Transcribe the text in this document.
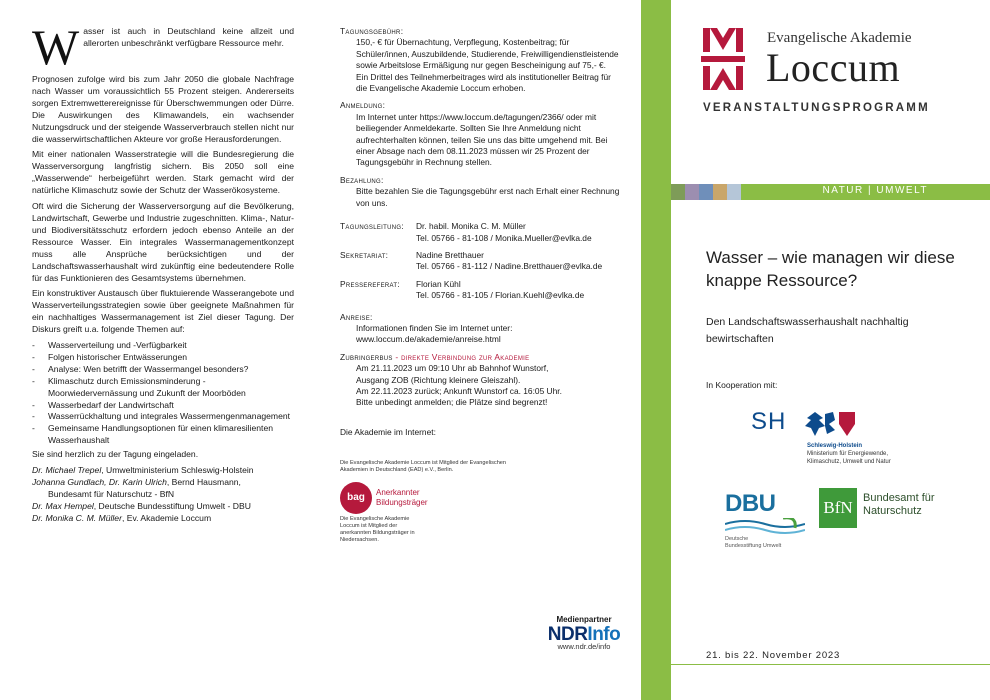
Wasser ist auch in Deutschland keine allzeit und allerorten unbeschränkt verfügbare Ressource mehr.

Prognosen zufolge wird bis zum Jahr 2050 die globale Nachfrage nach Wasser um voraussichtlich 55 Prozent steigen. Andererseits sorgen Extremwetterereignisse für Überschwemmungen oder Dürre. Die Auswirkungen des Klimawandels, ein wachsender Nutzungsdruck und der steigende Wasserverbrauch stellen nicht nur die wasserwirtschaftlichen Akteure vor große Herausforderungen.

Mit einer nationalen Wasserstrategie will die Bundesregierung die Wasserversorgung langfristig sichern. Bis 2050 soll eine „Wasserwende“ herbeigeführt werden. Stark gemacht wird der natürliche Klimaschutz sowie der Schutz der Wasserökosysteme.

Oft wird die Sicherung der Wasserversorgung auf die Bevölkerung, Landwirtschaft, Gewerbe und Industrie zugeschnitten. Klima-, Natur- und Biodiversitätsschutz erfordern jedoch ebenso Anteile an der Ressource Wasser. Ein integrales Wassermanagementkonzept muss alle Ansprüche berücksichtigen und der Landschaftswasserhaushalt wird zukünftig eine bedeutendere Rolle für das Funktionieren des Gesamtsystems übernehmen.

Ein konstruktiver Austausch über fluktuierende Wasserangebote und Wasserverteilungsstrategien sowie über geeignete Maßnahmen für ein nachhaltiges Wassermanagement ist Ziel dieser Tagung. Der Diskurs greift u.a. folgende Themen auf:

- Wasserverteilung und -Verfügbarkeit
- Folgen historischer Entwässerungen
- Analyse: Wen betrifft der Wassermangel besonders?
- Klimaschutz durch Emissionsminderung - Moorwiedervernässung und Zukunft der Moorböden
- Wasserbedarf der Landwirtschaft
- Wasserrückhaltung und integrales Wassermengenmanagement
- Gemeinsame Handlungsoptionen für einen klimaresilienten Wasserhaushalt

Sie sind herzlich zu der Tagung eingeladen.

Dr. Michael Trepel, Umweltministerium Schleswig-Holstein
Johanna Gundlach, Dr. Karin Ulrich, Bernd Hausmann,
Bundesamt für Naturschutz - BfN
Dr. Max Hempel, Deutsche Bundesstiftung Umwelt - DBU
Dr. Monika C. M. Müller, Ev. Akademie Loccum
Tagungsgebühr:
150,- € für Übernachtung, Verpflegung, Kostenbeitrag; für Schüler/innen, Auszubildende, Studierende, Freiwilligendienstleistende sowie Arbeitslose Ermäßigung nur gegen Bescheinigung auf 75,- €.
Ein Drittel des Teilnehmerbeitrages wird als institutioneller Beitrag für die Evangelische Akademie Loccum erhoben.
Anmeldung:
Im Internet unter https://www.loccum.de/tagungen/2366/ oder mit beiliegender Anmeldekarte. Sollten Sie Ihre Anmeldung nicht aufrechterhalten können, teilen Sie uns das bitte umgehend mit. Bei einer Absage nach dem 08.11.2023 müssen wir 25 Prozent der Tagungsgebühr in Rechnung stellen.
Bezahlung:
Bitte bezahlen Sie die Tagungsgebühr erst nach Erhalt einer Rechnung von uns.
Tagungsleitung:	Dr. habil. Monika C. M. Müller
Tel. 05766 - 81-108 / Monika.Mueller@evlka.de
Sekretariat:	Nadine Bretthauer
Tel. 05766 - 81-112 / Nadine.Bretthauer@evlka.de
Pressereferat:	Florian Kühl
Tel. 05766 - 81-105 / Florian.Kuehl@evlka.de
Anreise:
Informationen finden Sie im Internet unter:
www.loccum.de/akademie/anreise.html
Zubringerbus - direkte Verbindung zur Akademie
Am 21.11.2023 um 09:10 Uhr ab Bahnhof Wunstorf,
Ausgang ZOB (Richtung kleinere Gleiszahl).
Am 22.11.2023 zurück; Ankunft Wunstorf ca. 16:05 Uhr.
Bitte unbedingt anmelden; die Plätze sind begrenzt!
Die Akademie im Internet:
Die Evangelische Akademie Loccum ist Mitglied der Evangelischen Akademien in Deutschland (EAD) e.V., Berlin.
bag	Anerkannter
Bildungsträger
Die Evangelische Akademie Loccum ist Mitglied der anerkannten Bildungsträger in Niedersachsen.
Medienpartner
NDRInfo
www.ndr.de/info
Evangelische Akademie
Loccum
VERANSTALTUNGSPROGRAMM
NATUR | UMWELT
Wasser – wie managen wir diese knappe Ressource?
Den Landschaftswasserhaushalt nachhaltig bewirtschaften
In Kooperation mit:
SH
Schleswig-Holstein
Ministerium für Energiewende,
Klimaschutz, Umwelt und Natur
DBU
Deutsche
Bundesstiftung Umwelt
BfN Bundesamt für
Naturschutz
21. bis 22. November 2023
